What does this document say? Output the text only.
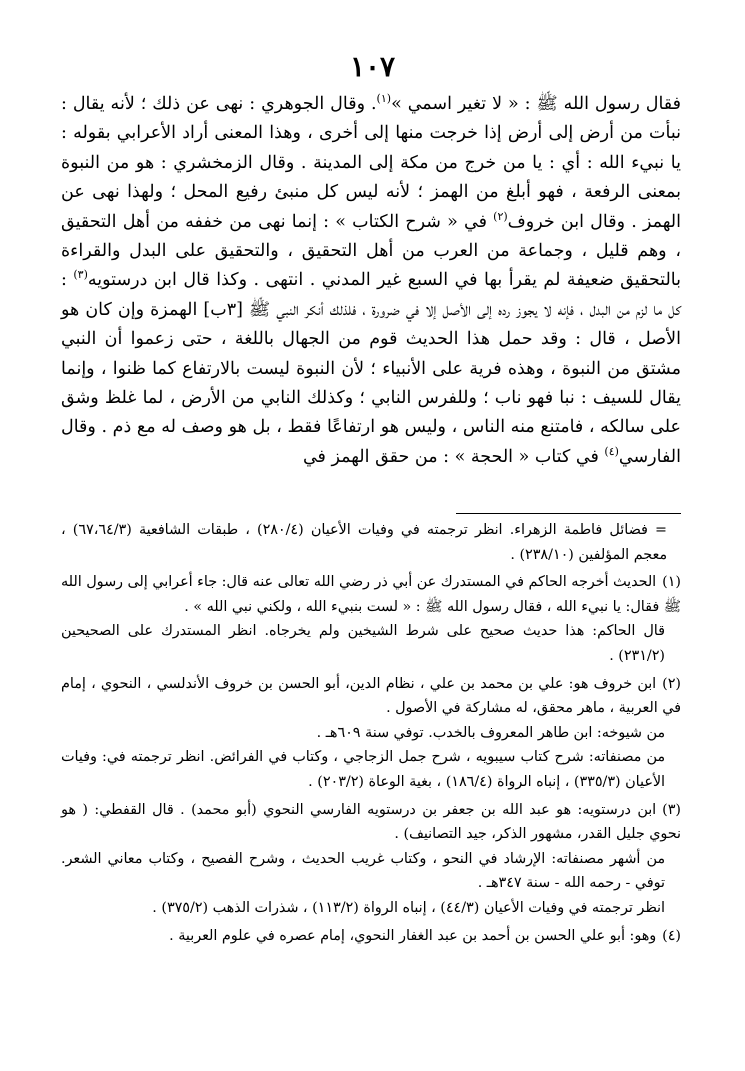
١٠٧

فقال رسول الله ﷺ : « لا تغير اسمي »$^{(١)}$. وقال الجوهري : نهى عن ذلك ؛ لأنه يقال : نبأت من أرض إلى أرض إذا خرجت منها إلى أخرى ، وهذا المعنى أراد الأعرابي بقوله : يا نبيء الله : أي : يا من خرج من مكة إلى المدينة . وقال الزمخشري : هو من النبوة بمعنى الرفعة ، فهو أبلغ من الهمز ؛ لأنه ليس كل منبئ رفيع المحل ؛ ولهذا نهى عن الهمز . وقال ابن خروف$^{(٢)}$ في « شرح الكتاب » : إنما نهى من خففه من أهل التحقيق ، وهم قليل ، وجماعة من العرب من أهل التحقيق ، والتحقيق على البدل والقراءة بالتحقيق ضعيفة لم يقرأ بها في السبع غير المدني . انتهى . وكذا قال ابن درستويه$^{(٣)}$ : كل ما لزم من البدل ، فإنه لا يجوز رده إلى الأصل إلا في ضرورة ، فلذلك أنكر النبي ﷺ [٣ب] الهمزة وإن كان هو الأصل ، قال : وقد حمل هذا الحديث قوم من الجهال باللغة ، حتى زعموا أن النبي مشتق من النبوة ، وهذه فرية على الأنبياء ؛ لأن النبوة ليست بالارتفاع كما ظنوا ، وإنما يقال للسيف : نبا فهو ناب ؛ وللفرس النابي ؛ وكذلك النابي من الأرض ، لما غلظ وشق على سالكه ، فامتنع منه الناس ، وليس هو ارتفاعًا فقط ، بل هو وصف له مع ذم . وقال الفارسي$^{(٤)}$ في كتاب « الحجة » : من حقق الهمز في

= فضائل فاطمة الزهراء. انظر ترجمته في وفيات الأعيان (٢٨٠/٤) ، طبقات الشافعية (٦٧،٦٤/٣) ، معجم المؤلفين (٢٣٨/١٠) .
( ١ )الحديث أخرجه الحاكم في المستدرك عن أبي ذر رضي الله تعالى عنه قال: جاء أعرابي إلى رسول الله ﷺ فقال: يا نبيء الله ، فقال رسول الله ﷺ : « لست بنبيء الله ، ولكني نبي الله » .
قال الحاكم: هذا حديث صحيح على شرط الشيخين ولم يخرجاه. انظر المستدرك على الصحيحين (٢٣١/٢) .
( ٢ )ابن خروف هو: علي بن محمد بن علي ، نظام الدين، أبو الحسن بن خروف الأندلسي ، النحوي ، إمام في العربية ، ماهر محقق، له مشاركة في الأصول .
من شيوخه: ابن طاهر المعروف بالخدب. توفي سنة ٦٠٩هـ .
من مصنفاته: شرح كتاب سيبويه ، شرح جمل الزجاجي ، وكتاب في الفرائض. انظر ترجمته في: وفيات الأعيان (٣٣٥/٣) ، إنباه الرواة (١٨٦/٤) ، بغية الوعاة (٢٠٣/٢) .
( ٣ )ابن درستويه: هو عبد الله بن جعفر بن درستويه الفارسي النحوي (أبو محمد) . قال القفطي: ( هو نحوي جليل القدر، مشهور الذكر، جيد التصانيف) .
من أشهر مصنفاته: الإرشاد في النحو ، وكتاب غريب الحديث ، وشرح الفصيح ، وكتاب معاني الشعر. توفي - رحمه الله - سنة ٣٤٧هـ .
انظر ترجمته في وفيات الأعيان (٤٤/٣) ، إنباه الرواة (١١٣/٢) ، شذرات الذهب (٣٧٥/٢) .
( ٤ )وهو: أبو علي الحسن بن أحمد بن عبد الغفار النحوي، إمام عصره في علوم العربية .
